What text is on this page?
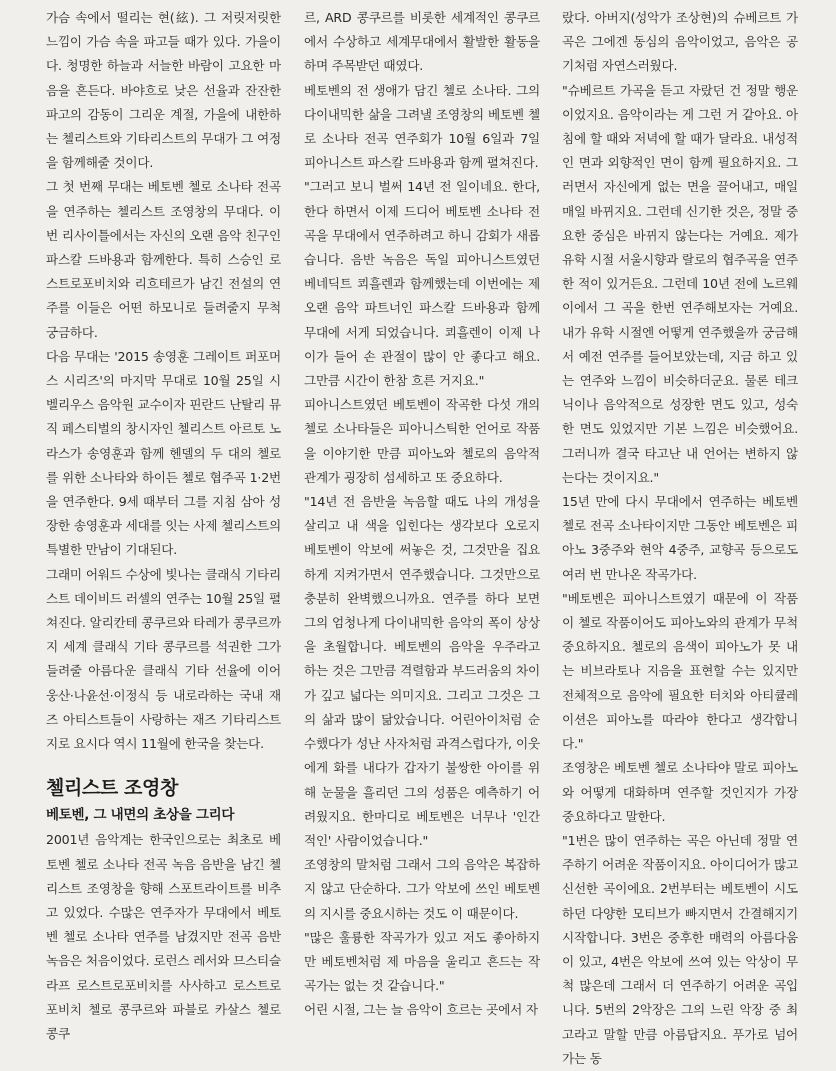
가슴 속에서 떨리는 현(絃). 그 저릿저릿한 느낌이 가슴 속을 파고들 때가 있다. 가을이다. 청명한 하늘과 서늘한 바람이 고요한 마음을 흔든다. 바야흐로 낮은 선율과 잔잔한 파고의 감동이 그리운 계절, 가을에 내한하는 첼리스트와 기타리스트의 무대가 그 여정을 함께해줄 것이다.

그 첫 번째 무대는 베토벤 첼로 소나타 전곡을 연주하는 첼리스트 조영창의 무대다. 이번 리사이틀에서는 자신의 오랜 음악 친구인 파스칼 드바용과 함께한다. 특히 스승인 로스트로포비치와 리흐테르가 남긴 전설의 연주를 이들은 어떤 하모니로 들려줄지 무척 궁금하다.

다음 무대는 '2015 송영훈 그레이트 퍼포머스 시리즈'의 마지막 무대로 10월 25일 시벨리우스 음악원 교수이자 핀란드 난탈리 뮤직 페스티벌의 창시자인 첼리스트 아르토 노라스가 송영훈과 함께 헨델의 두 대의 첼로를 위한 소나타와 하이든 첼로 협주곡 1·2번을 연주한다. 9세 때부터 그를 지침 삼아 성장한 송영훈과 세대를 잇는 사제 첼리스트의 특별한 만남이 기대된다.

그래미 어워드 수상에 빛나는 클래식 기타리스트 데이비드 러셀의 연주는 10월 25일 펼쳐진다. 알리칸테 콩쿠르와 타레가 콩쿠르까지 세계 클래식 기타 콩쿠르를 석권한 그가 들려줄 아름다운 클래식 기타 선율에 이어 웅산·나윤선·이정식 등 내로라하는 국내 재즈 아티스트들이 사랑하는 재즈 기타리스트 지로 요시다 역시 11월에 한국을 찾는다.

첼리스트 조영창
베토벤, 그 내면의 초상을 그리다

2001년 음악계는 한국인으로는 최초로 베토벤 첼로 소나타 전곡 녹음 음반을 남긴 첼리스트 조영창을 향해 스포트라이트를 비추고 있었다. 수많은 연주자가 무대에서 베토벤 첼로 소나타 연주를 남겼지만 전곡 음반 녹음은 처음이었다. 로런스 레서와 므스티슬라프 로스트로포비치를 사사하고 로스트로포비치 첼로 콩쿠르와 파블로 카살스 첼로 콩쿠

르, ARD 콩쿠르를 비롯한 세계적인 콩쿠르에서 수상하고 세계무대에서 활발한 활동을 하며 주목받던 때였다.

베토벤의 전 생애가 담긴 첼로 소나타. 그의 다이내믹한 삶을 그려낼 조영창의 베토벤 첼로 소나타 전곡 연주회가 10월 6일과 7일 피아니스트 파스칼 드바용과 함께 펼쳐진다.

"그러고 보니 벌써 14년 전 일이네요. 한다, 한다 하면서 이제 드디어 베토벤 소나타 전곡을 무대에서 연주하려고 하니 감회가 새롭습니다. 음반 녹음은 독일 피아니스트였던 베네딕트 쾨흘렌과 함께했는데 이번에는 제 오랜 음악 파트너인 파스칼 드바용과 함께 무대에 서게 되었습니다. 쾨흘렌이 이제 나이가 들어 손 관절이 많이 안 좋다고 해요. 그만큼 시간이 한참 흐른 거지요."

피아니스트였던 베토벤이 작곡한 다섯 개의 첼로 소나타들은 피아니스틱한 언어로 작품을 이야기한 만큼 피아노와 첼로의 음악적 관계가 굉장히 섬세하고 또 중요하다.

"14년 전 음반을 녹음할 때도 나의 개성을 살리고 내 색을 입힌다는 생각보다 오로지 베토벤이 악보에 써놓은 것, 그것만을 집요하게 지켜가면서 연주했습니다. 그것만으로 충분히 완벽했으니까요. 연주를 하다 보면 그의 엄청나게 다이내믹한 음악의 폭이 상상을 초월합니다. 베토벤의 음악을 우주라고 하는 것은 그만큼 격렬함과 부드러움의 차이가 깊고 넓다는 의미지요. 그리고 그것은 그의 삶과 많이 닮았습니다. 어린아이처럼 순수했다가 성난 사자처럼 과격스럽다가, 이웃에게 화를 내다가 갑자기 불쌍한 아이를 위해 눈물을 흘리던 그의 성품은 예측하기 어려웠지요. 한마디로 베토벤은 너무나 '인간적인' 사람이었습니다."

조영창의 말처럼 그래서 그의 음악은 복잡하지 않고 단순하다. 그가 악보에 쓰인 베토벤의 지시를 중요시하는 것도 이 때문이다.

"많은 훌륭한 작곡가가 있고 저도 좋아하지만 베토벤처럼 제 마음을 울리고 흔드는 작곡가는 없는 것 같습니다."

어린 시절, 그는 늘 음악이 흐르는 곳에서 자

랐다. 아버지(성악가 조상현)의 슈베르트 가곡은 그에겐 동심의 음악이었고, 음악은 공기처럼 자연스러웠다.

"슈베르트 가곡을 듣고 자랐던 건 정말 행운이었지요. 음악이라는 게 그런 거 같아요. 아침에 할 때와 저녁에 할 때가 달라요. 내성적인 면과 외향적인 면이 함께 필요하지요. 그러면서 자신에게 없는 면을 끌어내고, 매일매일 바뀌지요. 그런데 신기한 것은, 정말 중요한 중심은 바뀌지 않는다는 거예요. 제가 유학 시절 서울시향과 랄로의 협주곡을 연주한 적이 있거든요. 그런데 10년 전에 노르웨이에서 그 곡을 한번 연주해보자는 거예요. 내가 유학 시절엔 어떻게 연주했을까 궁금해서 예전 연주를 들어보았는데, 지금 하고 있는 연주와 느낌이 비슷하더군요. 물론 테크닉이나 음악적으로 성장한 면도 있고, 성숙한 면도 있었지만 기본 느낌은 비슷했어요. 그러니까 결국 타고난 내 언어는 변하지 않는다는 것이지요."

15년 만에 다시 무대에서 연주하는 베토벤 첼로 전곡 소나타이지만 그동안 베토벤은 피아노 3중주와 현악 4중주, 교향곡 등으로도 여러 번 만나온 작곡가다.

"베토벤은 피아니스트였기 때문에 이 작품이 첼로 작품이어도 피아노와의 관계가 무척 중요하지요. 첼로의 음색이 피아노가 못 내는 비브라토나 지음을 표현할 수는 있지만 전체적으로 음악에 필요한 터치와 아티큘레이션은 피아노를 따라야 한다고 생각합니다."

조영창은 베토벤 첼로 소나타야 말로 피아노와 어떻게 대화하며 연주할 것인지가 가장 중요하다고 말한다.

"1번은 많이 연주하는 곡은 아닌데 정말 연주하기 어려운 작품이지요. 아이디어가 많고 신선한 곡이에요. 2번부터는 베토벤이 시도하던 다양한 모티브가 빠지면서 간결해지기 시작합니다. 3번은 중후한 매력의 아름다움이 있고, 4번은 악보에 쓰여 있는 악상이 무척 많은데 그래서 더 연주하기 어려운 곡입니다. 5번의 2악장은 그의 느린 악장 중 최고라고 말할 만큼 아름답지요. 푸가로 넘어가는 동
